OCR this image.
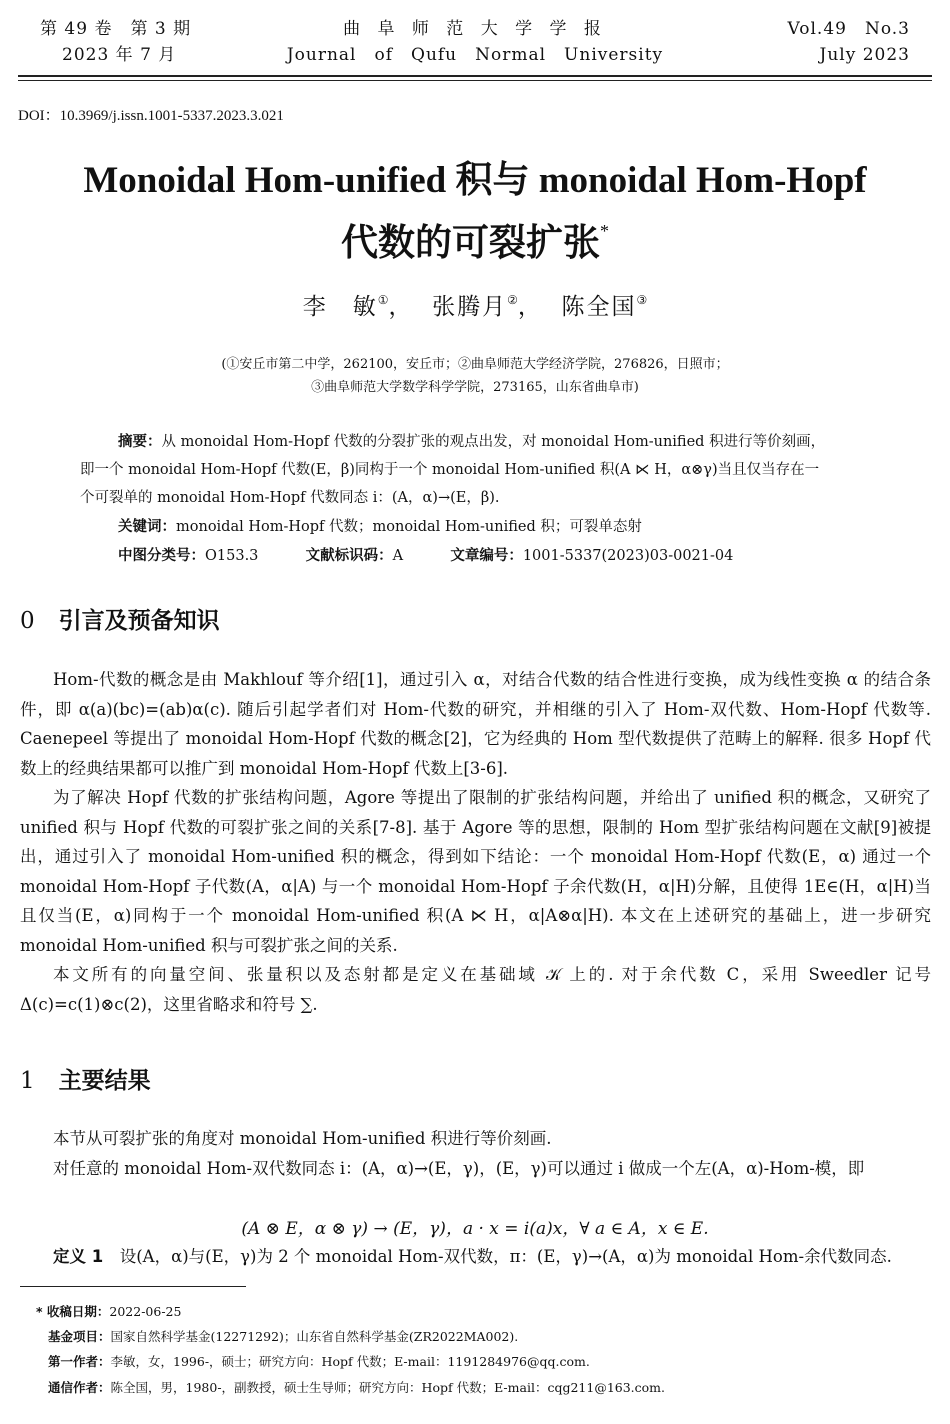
第 49 卷　第 3 期
2023 年 7 月
曲 阜 师 范 大 学 学 报
Journal　of　Qufu　Normal　University
Vol.49　No.3
July 2023
DOI：10.3969/j.issn.1001-5337.2023.3.021
Monoidal Hom-unified 积与 monoidal Hom-Hopf
代数的可裂扩张*
李　敏①，  张腾月②，  陈全国③
(①安丘市第二中学，262100，安丘市；②曲阜师范大学经济学院，276826，日照市；
③曲阜师范大学数学科学学院，273165，山东省曲阜市)
摘要：从 monoidal Hom-Hopf 代数的分裂扩张的观点出发，对 monoidal Hom-unified 积进行等价刻画，
即一个 monoidal Hom-Hopf 代数(E，β)同构于一个 monoidal Hom-unified 积(A ⋉ H，α⊗γ)当且仅当存在一
个可裂单的 monoidal Hom-Hopf 代数同态 i：(A，α)→(E，β).
关键词：monoidal Hom-Hopf 代数；monoidal Hom-unified 积；可裂单态射
中图分类号：O153.3	文献标识码：A	文章编号：1001-5337(2023)03-0021-04
0 引言及预备知识

Hom-代数的概念是由 Makhlouf 等介绍[1]，通过引入 α，对结合代数的结合性进行变换，成为线性变换 α 的结合条件，即 α(a)(bc)=(ab)α(c). 随后引起学者们对 Hom-代数的研究，并相继的引入了 Hom-双代数、Hom-Hopf 代数等. Caenepeel 等提出了 monoidal Hom-Hopf 代数的概念[2]，它为经典的 Hom 型代数提供了范畴上的解释. 很多 Hopf 代数上的经典结果都可以推广到 monoidal Hom-Hopf 代数上[3-6].

为了解决 Hopf 代数的扩张结构问题，Agore 等提出了限制的扩张结构问题，并给出了 unified 积的概念，又研究了 unified 积与 Hopf 代数的可裂扩张之间的关系[7-8]. 基于 Agore 等的思想，限制的 Hom 型扩张结构问题在文献[9]被提出，通过引入了 monoidal Hom-unified 积的概念，得到如下结论：一个 monoidal Hom-Hopf 代数(E，α) 通过一个 monoidal Hom-Hopf 子代数(A，α|A) 与一个 monoidal Hom-Hopf 子余代数(H，α|H)分解，且使得 1E∈(H，α|H)当且仅当(E，α)同构于一个 monoidal Hom-unified 积(A ⋉ H，α|A⊗α|H). 本文在上述研究的基础上，进一步研究 monoidal Hom-unified 积与可裂扩张之间的关系.

本文所有的向量空间、张量积以及态射都是定义在基础域 𝒦 上的. 对于余代数 C，采用 Sweedler 记号 Δ(c)=c(1)⊗c(2)，这里省略求和符号 ∑.

1 主要结果

本节从可裂扩张的角度对 monoidal Hom-unified 积进行等价刻画.

对任意的 monoidal Hom-双代数同态 i：(A，α)→(E，γ)，(E，γ)可以通过 i 做成一个左(A，α)-Hom-模，即

(A ⊗ E，α ⊗ γ) → (E，γ)，a · x = i(a)x，∀ a ∈ A，x ∈ E.

定义 1　 设(A，α)与(E，γ)为 2 个 monoidal Hom-双代数，π：(E，γ)→(A，α)为 monoidal Hom-余代数同态.

* 收稿日期：2022-06-25
基金项目：国家自然科学基金(12271292)；山东省自然科学基金(ZR2022MA002).
第一作者：李敏，女，1996-，硕士；研究方向：Hopf 代数；E-mail：1191284976@qq.com.
通信作者：陈全国，男，1980-，副教授，硕士生导师；研究方向：Hopf 代数；E-mail：cqg211@163.com.
